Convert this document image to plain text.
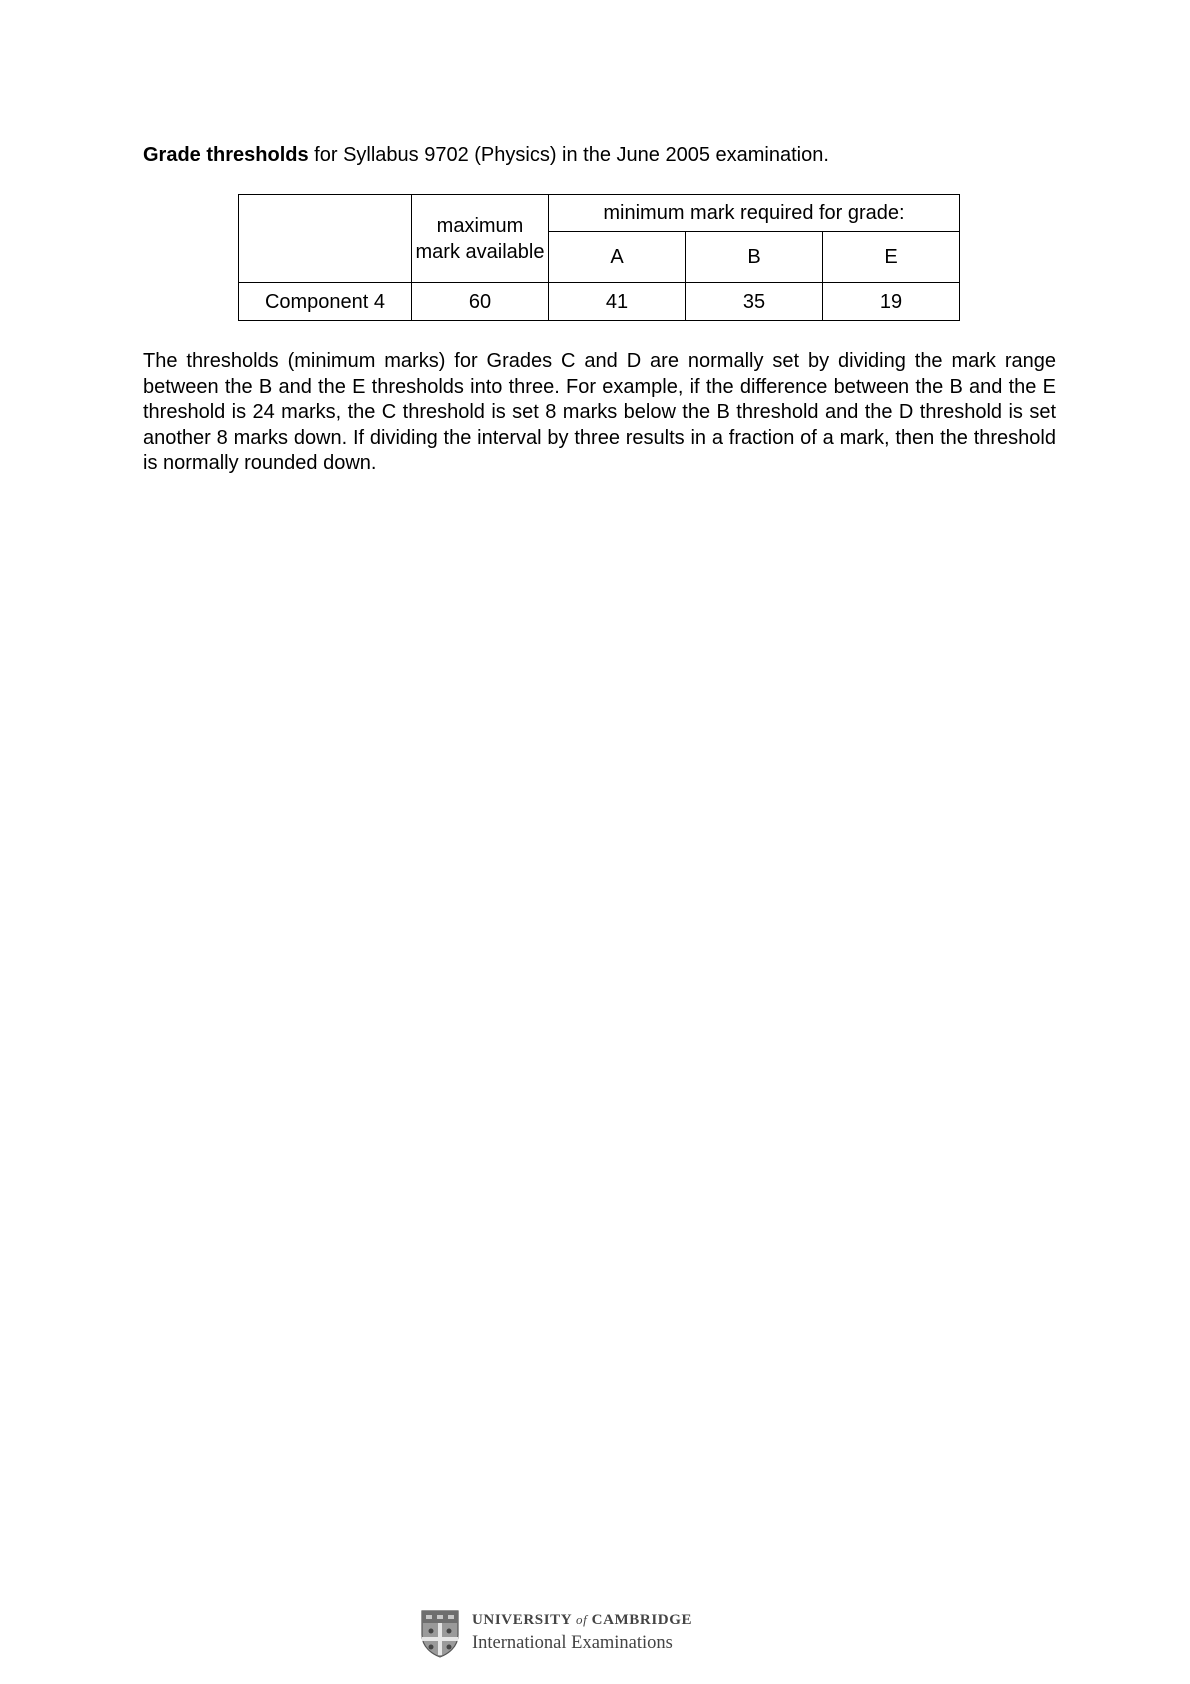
Grade thresholds for Syllabus 9702 (Physics) in the June 2005 examination.
	maximum mark available	minimum mark required for grade:		
		A	B	E
Component 4	60	41	35	19
The thresholds (minimum marks) for Grades C and D are normally set by dividing the mark range between the B and the E thresholds into three. For example, if the difference between the B and the E threshold is 24 marks, the C threshold is set 8 marks below the B threshold and the D threshold is set another 8 marks down. If dividing the interval by three results in a fraction of a mark, then the threshold is normally rounded down.
UNIVERSITY of CAMBRIDGE
International Examinations
